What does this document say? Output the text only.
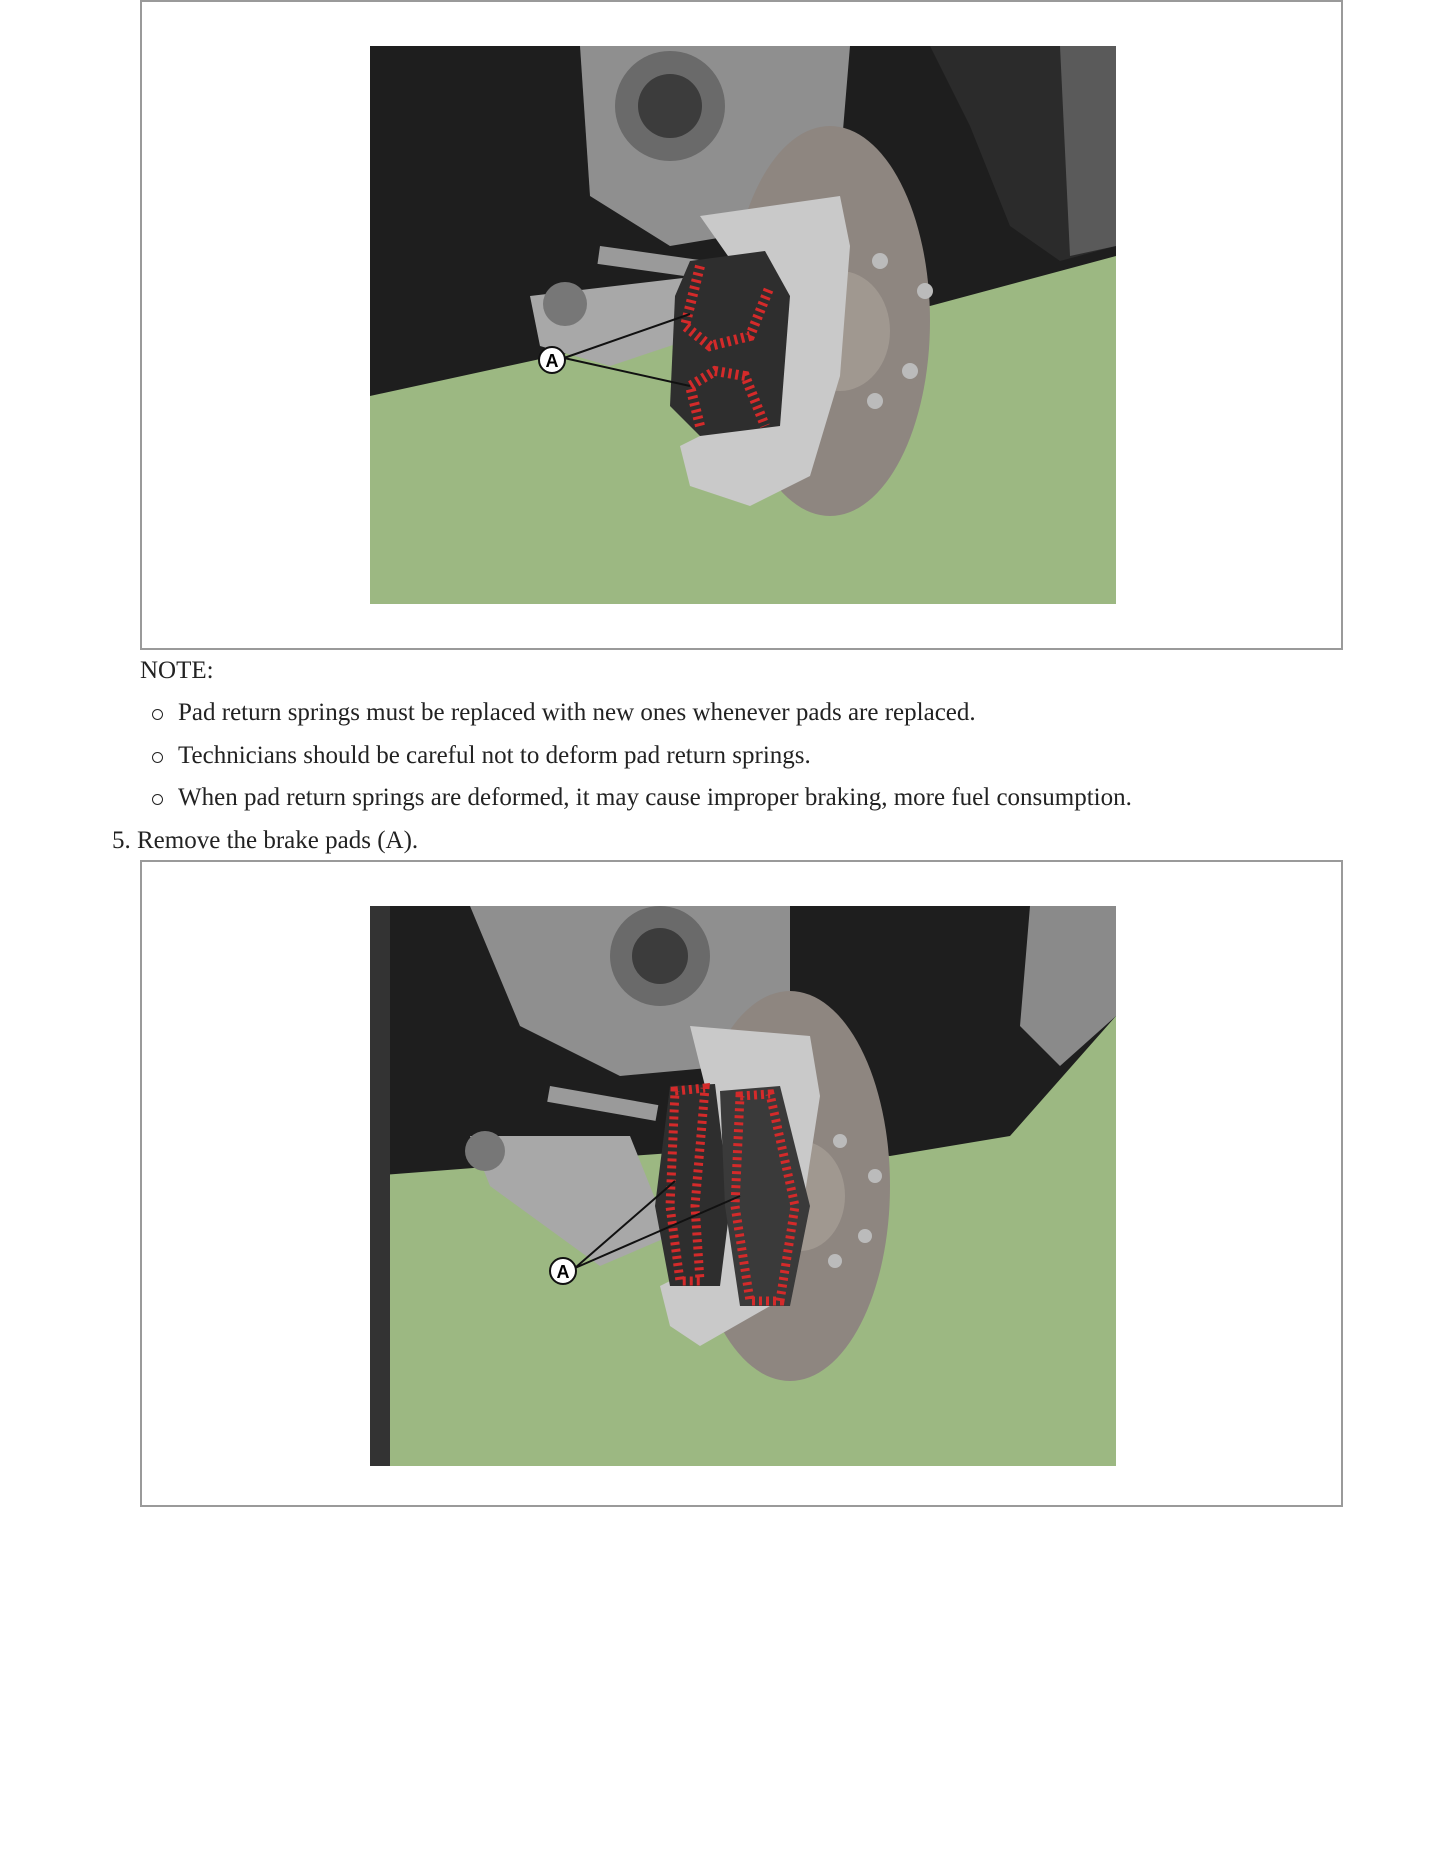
A
NOTE:
Pad return springs must be replaced with new ones whenever pads are replaced.
Technicians should be careful not to deform pad return springs.
When pad return springs are deformed, it may cause improper braking, more fuel consumption.
5. Remove the brake pads (A).
A
